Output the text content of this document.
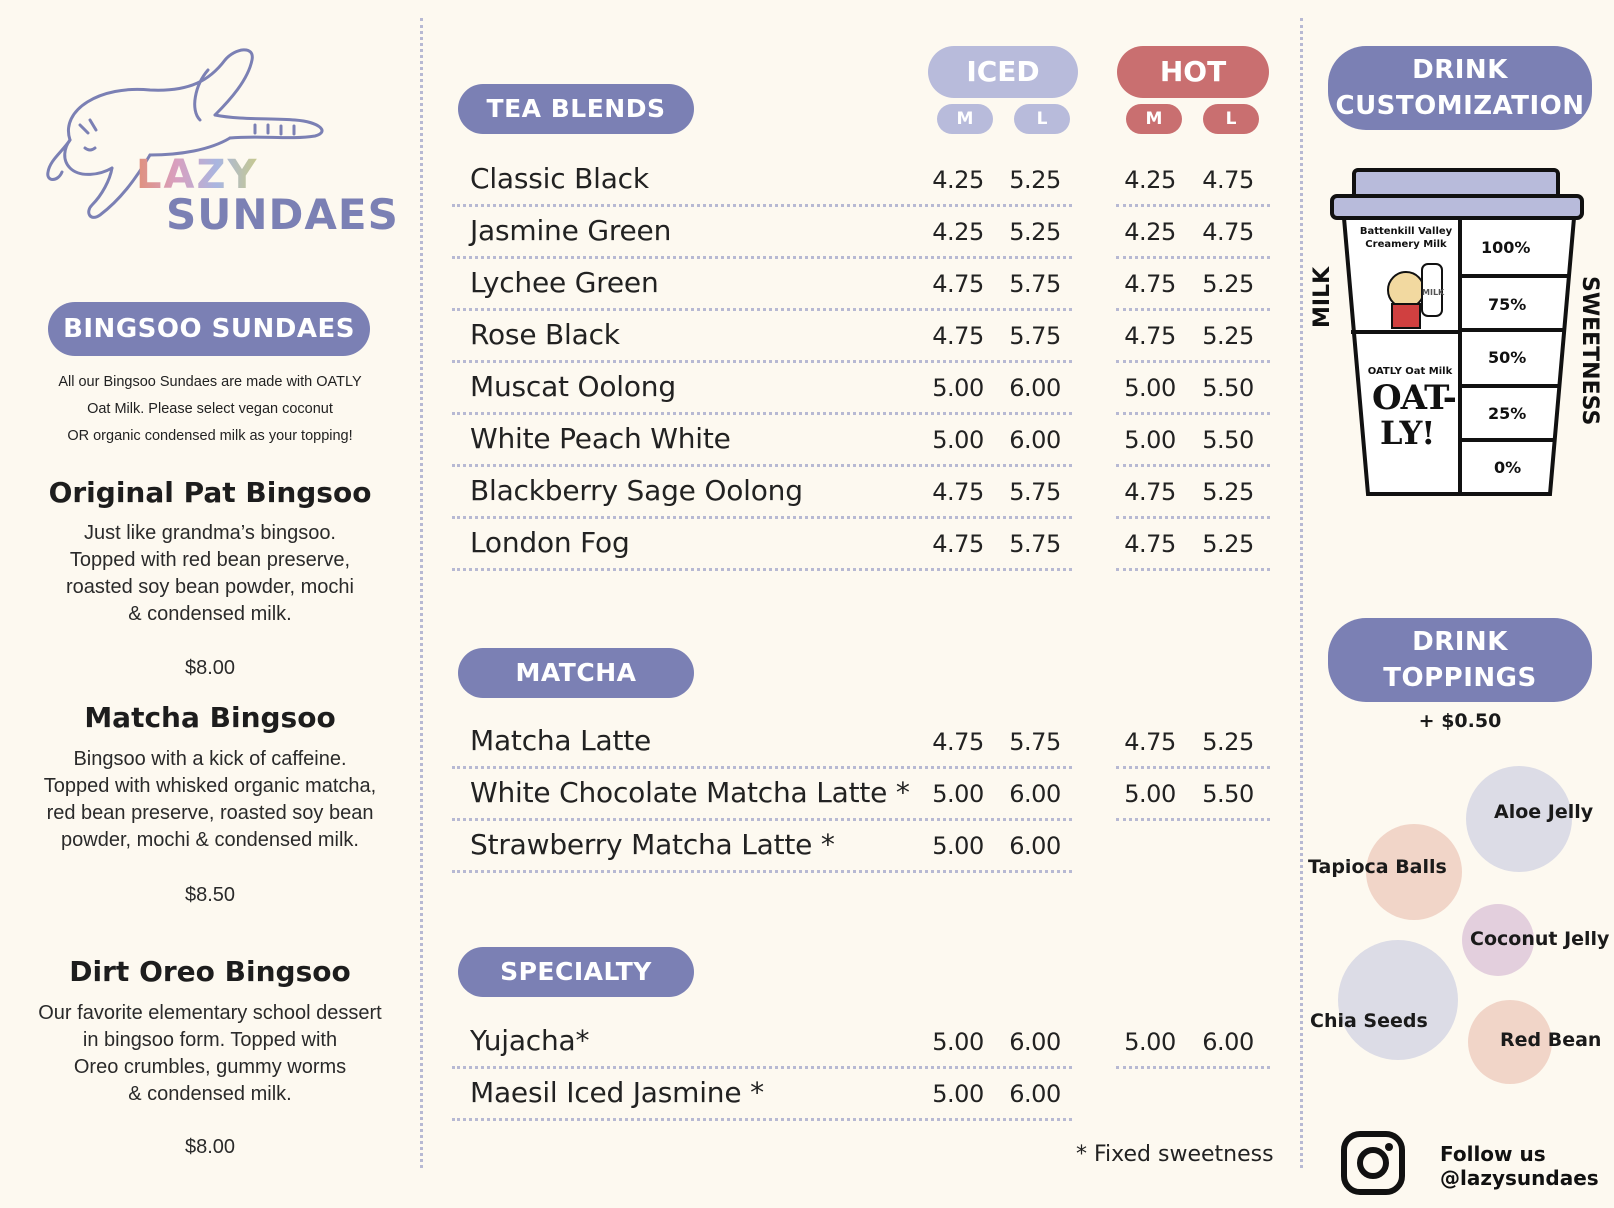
LAZY
SUNDAES
BINGSOO SUNDAES
All our Bingsoo Sundaes are made with OATLY
Oat Milk. Please select vegan coconut
OR organic condensed milk as your topping!
Original Pat Bingsoo
Just like grandma’s bingsoo.
Topped with red bean preserve,
roasted soy bean powder, mochi
& condensed milk.
$8.00
Matcha Bingsoo
Bingsoo with a kick of caffeine.
Topped with whisked organic matcha,
red bean preserve, roasted soy bean
powder, mochi & condensed milk.
$8.50
Dirt Oreo Bingsoo
Our favorite elementary school dessert
in bingsoo form. Topped with
Oreo crumbles, gummy worms
& condensed milk.
$8.00
ICED
M	L
HOT
M	L
TEA BLENDS
MATCHA
SPECIALTY
Classic Black	4.25 5.25	4.25 4.75
Jasmine Green	4.25 5.25	4.25 4.75
Lychee Green	4.75 5.75	4.75 5.25
Rose Black	4.75 5.75	4.75 5.25
Muscat Oolong	5.00 6.00	5.00 5.50
White Peach White	5.00 6.00	5.00 5.50
Blackberry Sage Oolong	4.75 5.75	4.75 5.25
London Fog	4.75 5.75	4.75 5.25
Matcha Latte	4.75 5.75	4.75 5.25
White Chocolate Matcha Latte * 5.00 6.00	5.00 5.50
Strawberry Matcha Latte *	5.00 6.00
Yujacha*	5.00 6.00	5.00 6.00
Maesil Iced Jasmine *	5.00 6.00
* Fixed sweetness
DRINK
CUSTOMIZATION
Battenkill Valley
Creamery Milk
MILK
OATLY Oat Milk
OAT-
LY!
100%
75%
50%
25%
0%
MILK	SWEETNESS
DRINK
TOPPINGS
+ $0.50
Aloe Jelly
Tapioca Balls
Coconut Jelly
Chia Seeds
Red Bean
Follow us
@lazysundaes
